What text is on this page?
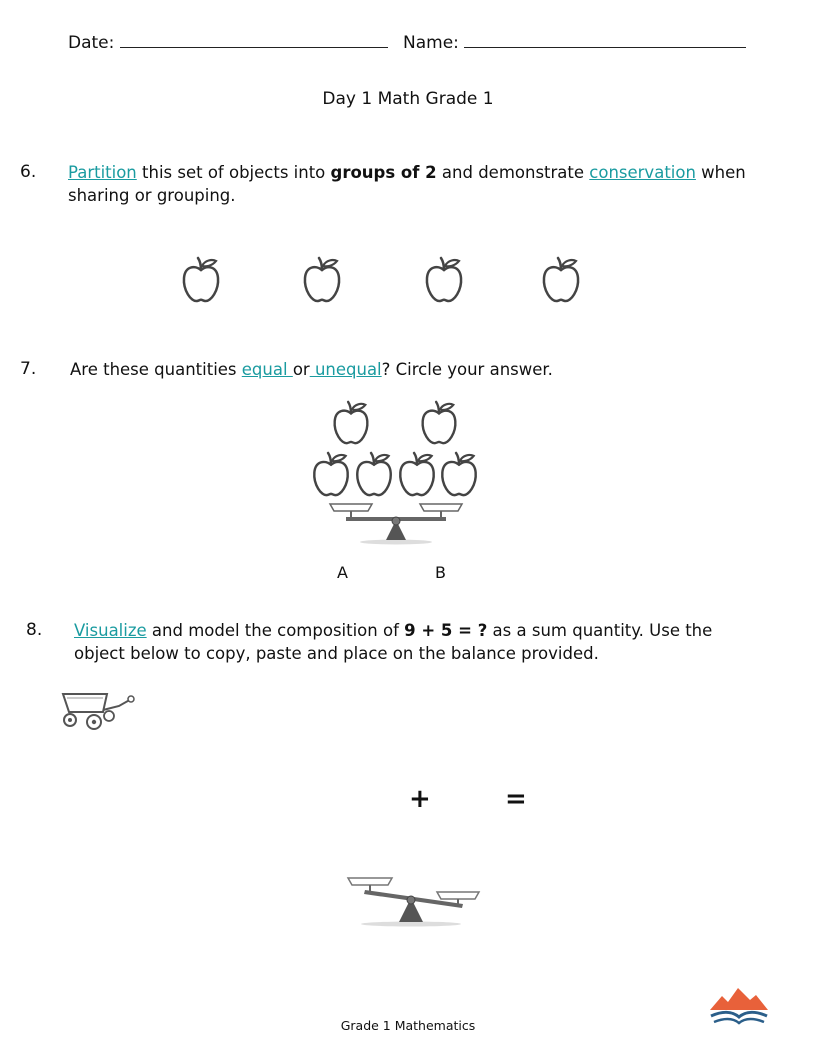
Date:	Name:
Day 1 Math Grade 1
6. Partition this set of objects into groups of 2 and demonstrate conservation when
sharing or grouping.
7. Are these quantities equal or unequal? Circle your answer.
A	B
8. Visualize and model the composition of 9 + 5 = ? as a sum quantity. Use the
object below to copy, paste and place on the balance provided.
+	=
Grade 1 Mathematics
